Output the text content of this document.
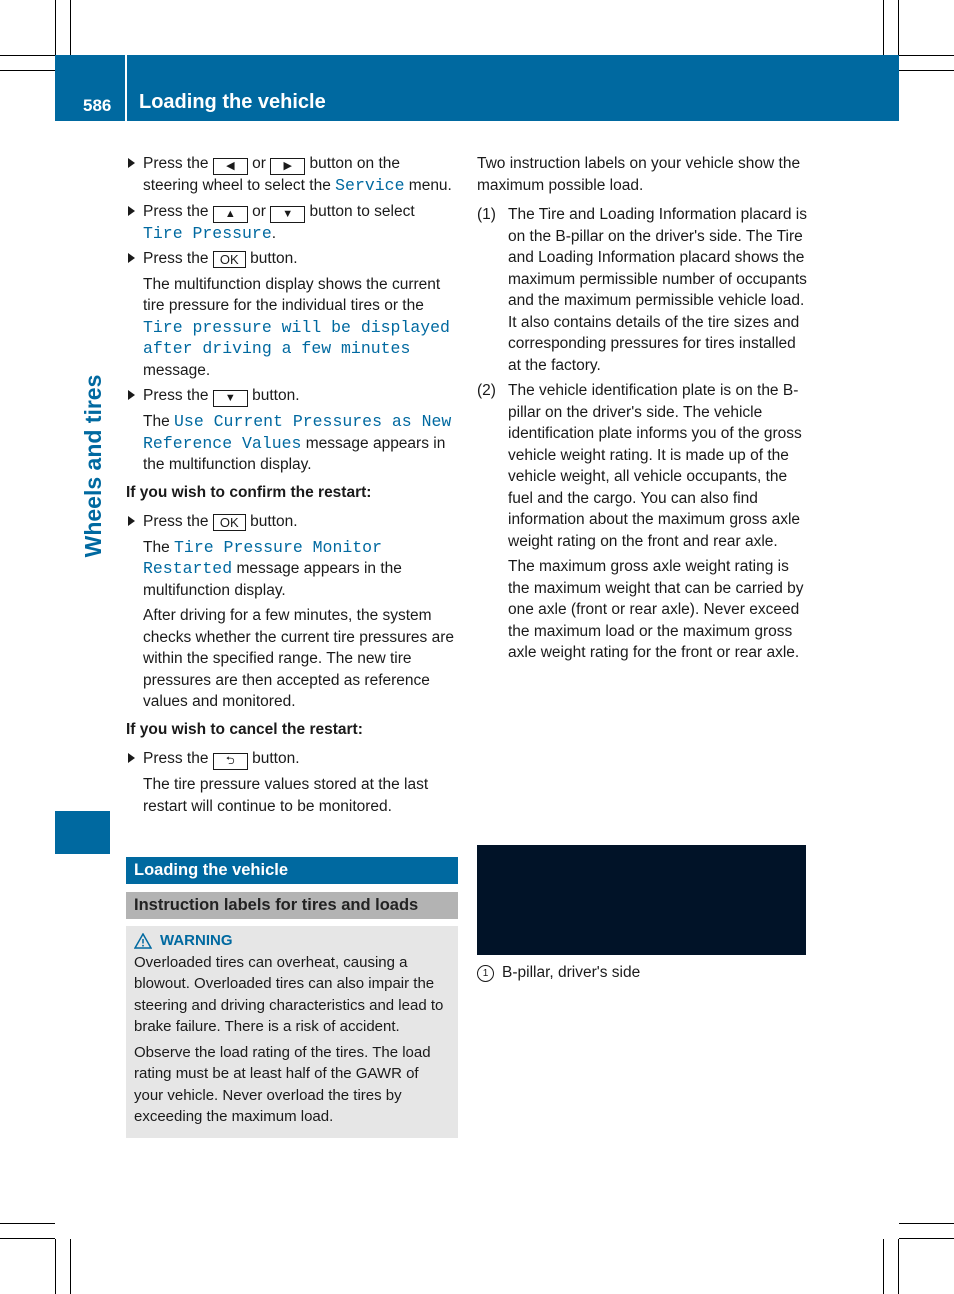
586 Loading the vehicle
Wheels and tires

Press the ◀ or ▶ button on the steering wheel to select the Service menu.

Press the ▲ or ▼ button to select Tire Pressure.

Press the OK button.

The multifunction display shows the current tire pressure for the individual tires or the Tire pressure will be displayed after driving a few minutes message.

Press the ▼ button.

The Use Current Pressures as New Reference Values message appears in the multifunction display.

If you wish to confirm the restart:

Press the OK button.

The Tire Pressure Monitor Restarted message appears in the multifunction display.

After driving for a few minutes, the system checks whether the current tire pressures are within the specified range. The new tire pressures are then accepted as reference values and monitored.

If you wish to cancel the restart:

Press the ⮌ button.

The tire pressure values stored at the last restart will continue to be monitored.

Loading the vehicle
Instruction labels for tires and loads
WARNING

Overloaded tires can overheat, causing a blowout. Overloaded tires can also impair the steering and driving characteristics and lead to brake failure. There is a risk of accident.

Observe the load rating of the tires. The load rating must be at least half of the GAWR of your vehicle. Never overload the tires by exceeding the maximum load.

Two instruction labels on your vehicle show the maximum possible load.

(1) The Tire and Loading Information placard is on the B-pillar on the driver's side. The Tire and Loading Information placard shows the maximum permissible number of occupants and the maximum permissible vehicle load. It also contains details of the tire sizes and corresponding pressures for tires installed at the factory.

(2) The vehicle identification plate is on the B-pillar on the driver's side. The vehicle identification plate informs you of the gross vehicle weight rating. It is made up of the vehicle weight, all vehicle occupants, the fuel and the cargo. You can also find information about the maximum gross axle weight rating on the front and rear axle.

The maximum gross axle weight rating is the maximum weight that can be carried by one axle (front or rear axle). Never exceed the maximum load or the maximum gross axle weight rating for the front or rear axle.

1 B-pillar, driver's side
